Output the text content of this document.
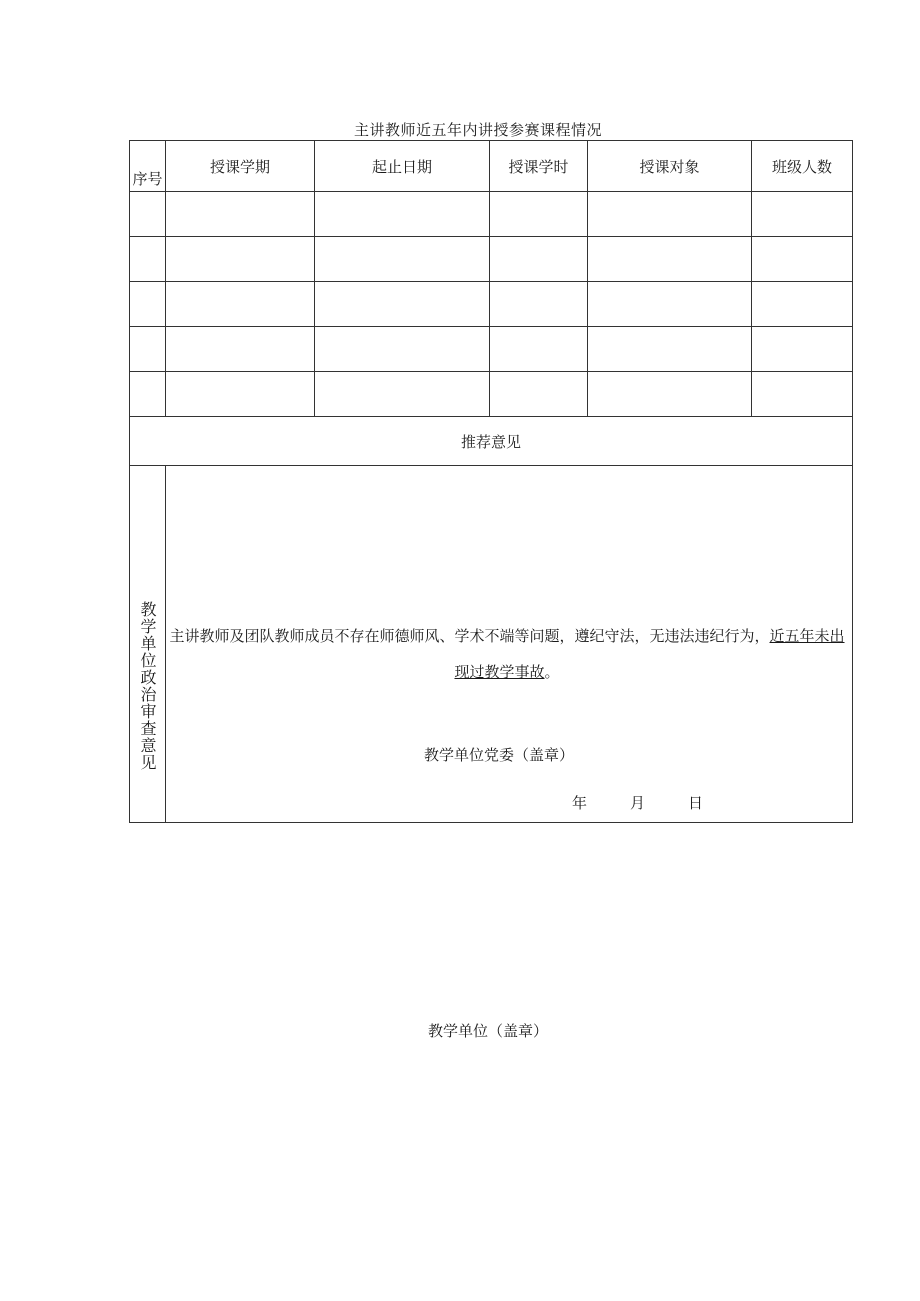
主讲教师近五年内讲授参赛课程情况
序号	授课学期	起止日期	授课学时	授课对象	班级人数

推荐意见					

教学单位政治审查意见	主讲教师及团队教师成员不存在师德师风、学术不端等问题，遵纪守法，无违法违纪行为，近五年未出现过教学事故。
教学单位党委（盖章）
年 月 日				
教学单位（盖章）
